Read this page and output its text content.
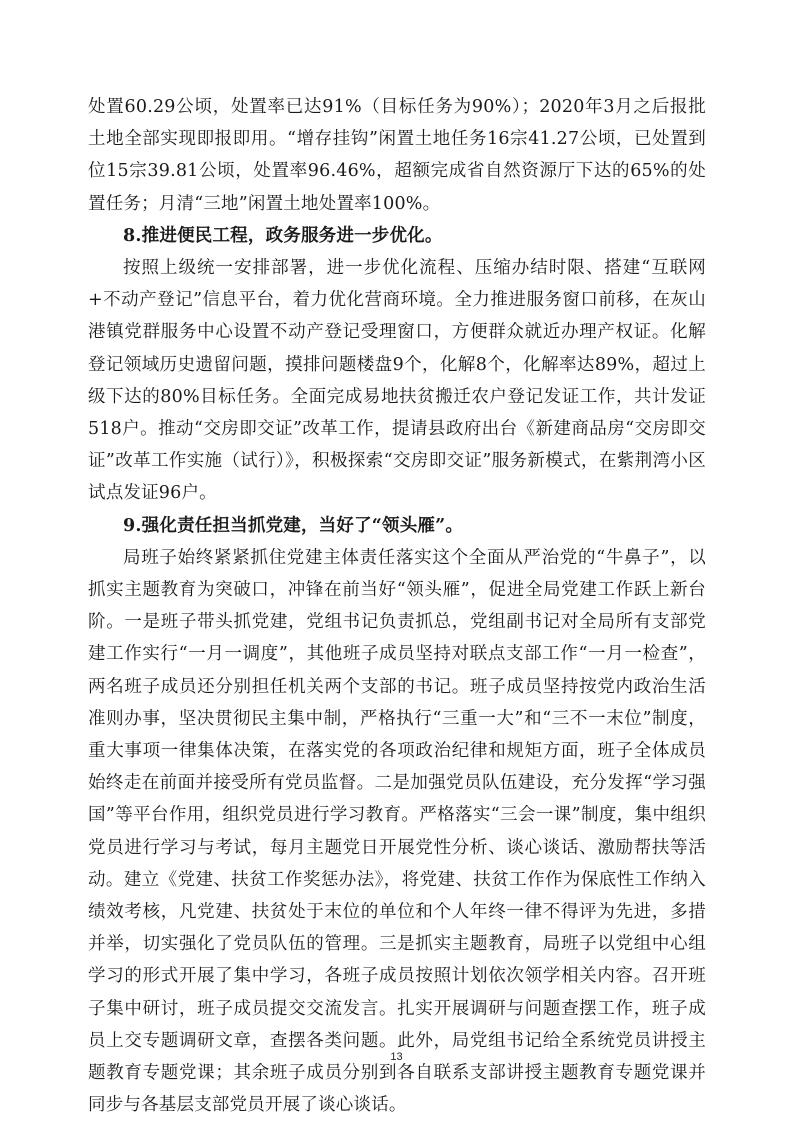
处置60.29公顷，处置率已达91%（目标任务为90%）；2020年3月之后报批土地全部实现即报即用。“增存挂钩”闲置土地任务16宗41.27公顷，已处置到位15宗39.81公顷，处置率96.46%，超额完成省自然资源厅下达的65%的处置任务；月清“三地”闲置土地处置率100%。

8.推进便民工程，政务服务进一步优化。

按照上级统一安排部署，进一步优化流程、压缩办结时限、搭建“互联网+不动产登记”信息平台，着力优化营商环境。全力推进服务窗口前移，在灰山港镇党群服务中心设置不动产登记受理窗口，方便群众就近办理产权证。化解登记领域历史遗留问题，摸排问题楼盘9个，化解8个，化解率达89%，超过上级下达的80%目标任务。全面完成易地扶贫搬迁农户登记发证工作，共计发证518户。推动“交房即交证”改革工作，提请县政府出台《新建商品房“交房即交证”改革工作实施（试行）》，积极探索“交房即交证”服务新模式，在紫荆湾小区试点发证96户。

9.强化责任担当抓党建，当好了“领头雁”。

局班子始终紧紧抓住党建主体责任落实这个全面从严治党的“牛鼻子”，以抓实主题教育为突破口，冲锋在前当好“领头雁”，促进全局党建工作跃上新台阶。一是班子带头抓党建，党组书记负责抓总，党组副书记对全局所有支部党建工作实行“一月一调度”，其他班子成员坚持对联点支部工作“一月一检查”，两名班子成员还分别担任机关两个支部的书记。班子成员坚持按党内政治生活准则办事，坚决贯彻民主集中制，严格执行“三重一大”和“三不一末位”制度，重大事项一律集体决策，在落实党的各项政治纪律和规矩方面，班子全体成员始终走在前面并接受所有党员监督。二是加强党员队伍建设，充分发挥“学习强国”等平台作用，组织党员进行学习教育。严格落实“三会一课”制度，集中组织党员进行学习与考试，每月主题党日开展党性分析、谈心谈话、激励帮扶等活动。建立《党建、扶贫工作奖惩办法》，将党建、扶贫工作作为保底性工作纳入绩效考核，凡党建、扶贫处于末位的单位和个人年终一律不得评为先进，多措并举，切实强化了党员队伍的管理。三是抓实主题教育，局班子以党组中心组学习的形式开展了集中学习，各班子成员按照计划依次领学相关内容。召开班子集中研讨，班子成员提交交流发言。扎实开展调研与问题查摆工作，班子成员上交专题调研文章，查摆各类问题。此外，局党组书记给全系统党员讲授主题教育专题党课；其余班子成员分别到各自联系支部讲授主题教育专题党课并同步与各基层支部党员开展了谈心谈话。

13
